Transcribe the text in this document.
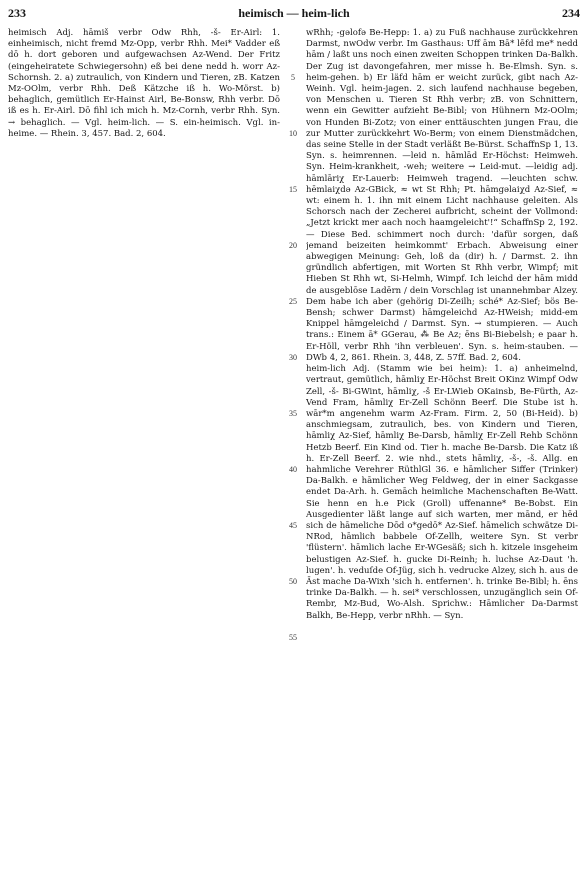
233	heimisch — heim-lich	234

heimisch Adj. hāmiš verbr Odw Rhh, -š- Er-Airl: 1. einheimisch, nicht fremd Mz-Opp, verbr Rhh. Mei* Vadder eß dō h. dort geboren und aufgewachsen Az-Wend. Der Fritz (eingeheiratete Schwiegersohn) eß bei dene nedd h. worr Az-Schornsh. 2. a) zutraulich, von Kindern und Tieren, zB. Katzen Mz-OOlm, verbr Rhh. Deß Kätzche iß h. Wo-Mörst. b) behaglich, gemütlich Er-Hainst Airl, Be-Bonsw, Rhh verbr. Dō iß es h. Er-Airl. Dō fihl ich mich h. Mz-Cornh, verbr Rhh. Syn. → behaglich. — Vgl. heim-lich. — S. ein-heimisch. Vgl. in-heime. — Rhein. 3, 457. Bad. 2, 604.

5
10
15
20
25
30
35
40
45
50
55

wRhh; -gəlofə Be-Hepp: 1. a) zu Fuß nachhause zurückkehren Darmst, nwOdw verbr. Im Gasthaus: Uff ām Bā* lēfd me* nedd hām / laßt uns noch einen zweiten Schoppen trinken Da-Balkh. Der Zug ist davongefahren, mer misse h. Be-Elmsh. Syn. s. heim-gehen. b) Er läfd hām er weicht zurück, gibt nach Az-Weinh. Vgl. heim-jagen. 2. sich laufend nachhause begeben, von Menschen u. Tieren St Rhh verbr; zB. von Schnittern, wenn ein Gewitter aufzieht Be-Bibl; von Hühnern Mz-OOlm; von Hunden Bi-Zotz; von einer enttäuschten jungen Frau, die zur Mutter zurückkehrt Wo-Berm; von einem Dienstmädchen, das seine Stelle in der Stadt verläßt Be-Bürst. SchaffnSp 1, 13. Syn. s. heimrennen. —leid n. hāmlād Er-Höchst: Heimweh. Syn. Heim-krankheit, -weh; weitere → Leid-mut. —leidig adj. hāmlāriχ Er-Lauerb: Heimweh tragend. —leuchten schw. hēmlaiχdə Az-GBick, ≈ wt St Rhh; Pt. hāmgəlaiχd Az-Sief, ≈ wt: einem h. 1. ihn mit einem Licht nachhause geleiten. Als Schorsch nach der Zecherei aufbricht, scheint der Vollmond: „Jetzt krickt mer aach noch haamgeleicht'!“ SchaffnSp 2, 192. — Diese Bed. schimmert noch durch: 'dafür sorgen, daß jemand beizeiten heimkommt' Erbach. Abweisung einer abwegigen Meinung: Geh, loß da (dir) h. / Darmst. 2. ihn gründlich abfertigen, mit Worten St Rhh verbr, Wimpf; mit Hieben St Rhh wt, Si-Helmh, Wimpf. Ich leichd der hām midd de ausgeblōse Ladērn / dein Vorschlag ist unannehmbar Alzey. Dem habe ich aber (gehörig Di-Zeilh; sché* Az-Sief; bös Be-Bensh; schwer Darmst) hāmgeleichd Az-HWeish; midd-em Knippel hāmgeleichd / Darmst. Syn. → stumpieren. — Auch trans.: Einem ā* GGerau, ⁂ Be Az; ēns Bi-Biebelsh; e paar h. Er-Höll, verbr Rhh 'ihn verbleuen'. Syn. s. heim-stauben. — DWb 4, 2, 861. Rhein. 3, 448, Z. 57ff. Bad. 2, 604.

heim-lich Adj. (Stamm wie bei heim): 1. a) anheimelnd, vertraut, gemütlich, hāmliχ Er-Höchst Breit OKinz Wimpf Odw Zell, -š- Bi-GWint, hāmliχ, -š Er-LWieb OKainsb, Be-Fürth, Az-Vend Fram, hāmliχ Er-Zell Schönn Beerf. Die Stube ist h. wār*m angenehm warm Az-Fram. Firm. 2, 50 (Bi-Heid). b) anschmiegsam, zutraulich, bes. von Kindern und Tieren, hāmliχ Az-Sief, hāmliχ Be-Darsb, hāmliχ Er-Zell Rehb Schönn Hetzb Beerf. Ein Kind od. Tier h. mache Be-Darsb. Die Katz iß h. Er-Zell Beerf. 2. wie nhd., stets hāmliχ, -š-, -š. Allg. en hahmliche Verehrer RüthlGl 36. e hāmlicher Siffer (Trinker) Da-Balkh. e hāmlicher Weg Feldweg, der in einer Sackgasse endet Da-Arh. h. Gemāch heimliche Machenschaften Be-Watt. Sie henn en h.e Pick (Groll) uffenanne* Be-Bobst. Ein Ausgedienter läßt lange auf sich warten, mer mānd, er hēd sich de hāmeliche Dōd o*gedō* Az-Sief. hāmelich schwätze Di-NRod, hāmlich babbele Of-Zellh, weitere Syn. St verbr 'flüstern'. hāmlich lache Er-WGesäß; sich h. kitzele insgeheim belustigen Az-Sief. h. gucke Di-Reinh; h. luchse Az-Daut 'h. lugen'. h. veduſde Of-Jüg, sich h. vedrucke Alzey, sich h. aus de Āst mache Da-Wixh 'sich h. entfernen'. h. trinke Be-Bibl; h. ēns trinke Da-Balkh. — h. sei* verschlossen, unzugänglich sein Of-Rembr, Mz-Bud, Wo-Alsh. Sprichw.: Hāmlicher Da-Darmst Balkh, Be-Hepp, verbr nRhh. — Syn.
